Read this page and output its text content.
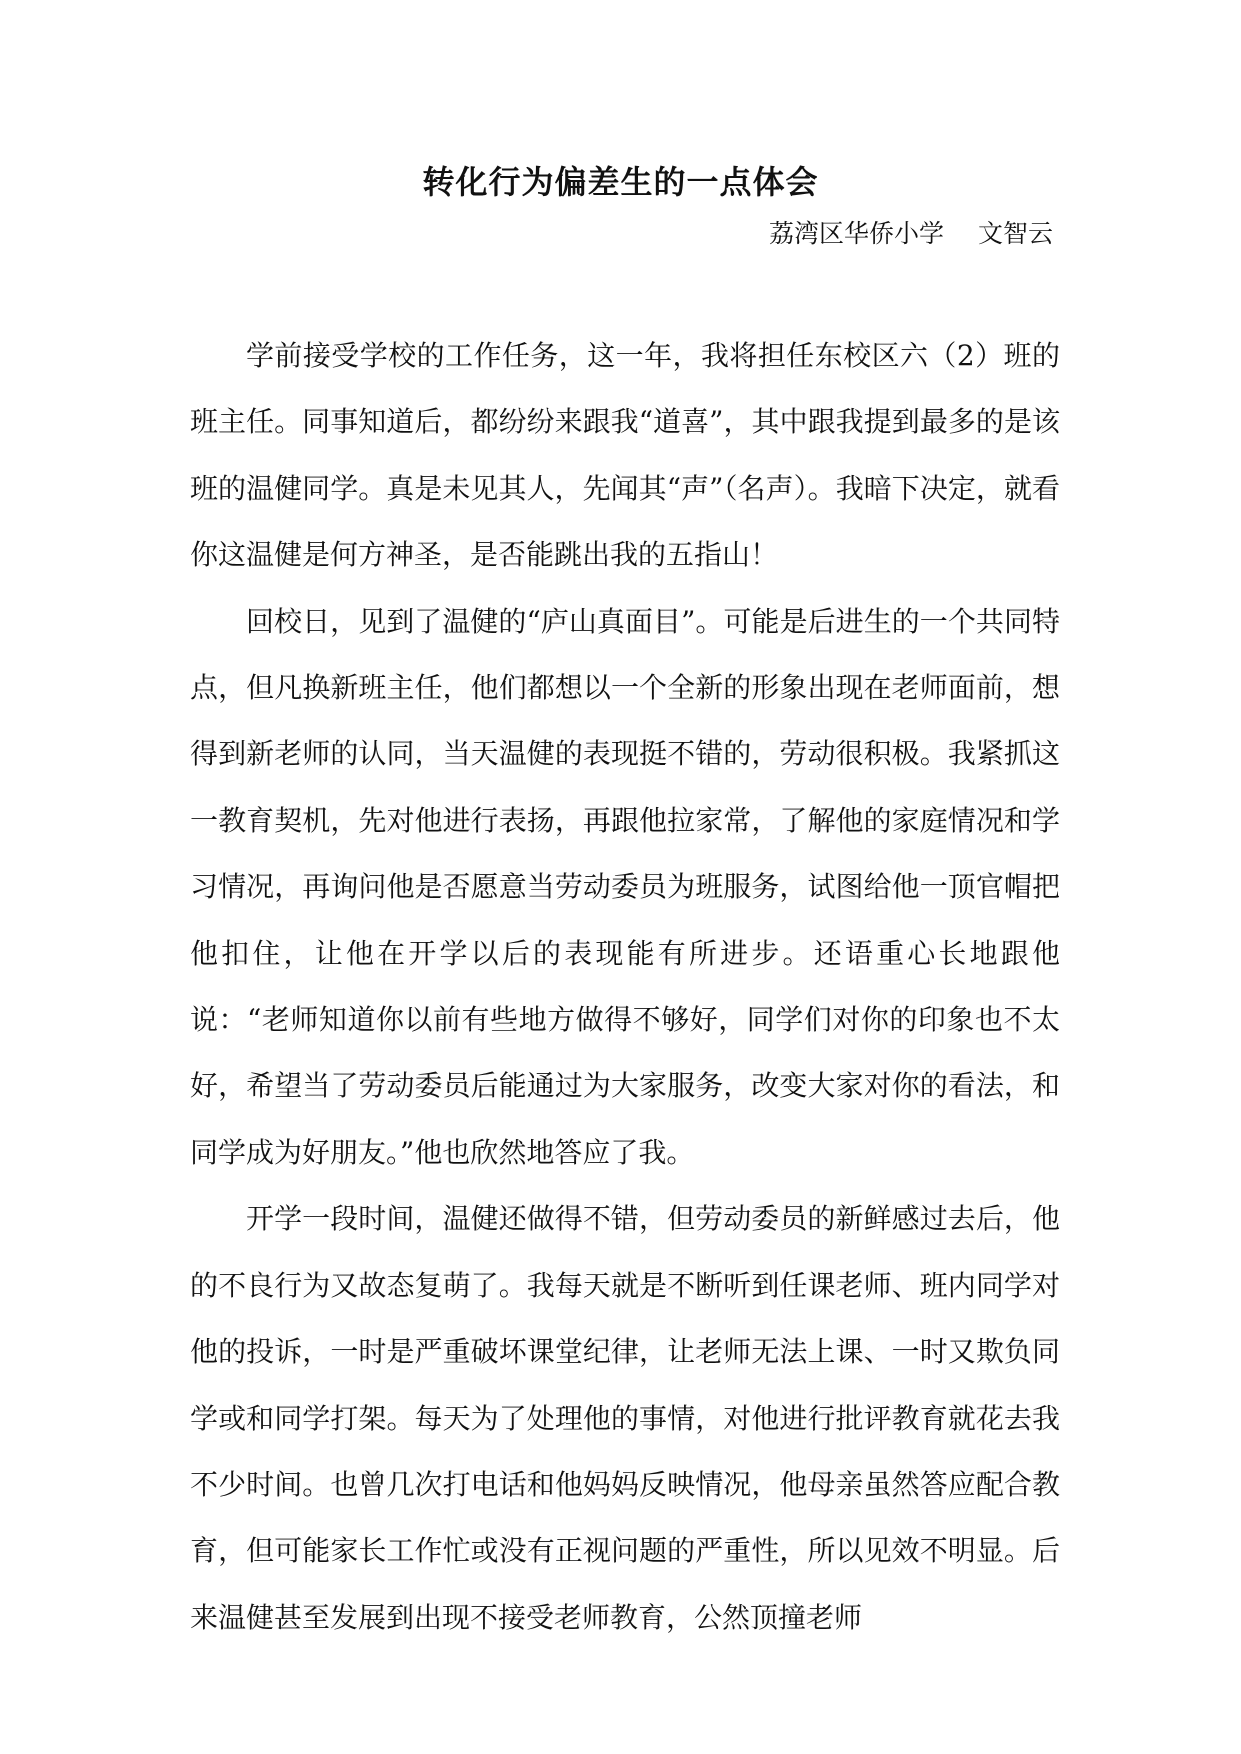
转化行为偏差生的一点体会
荔湾区华侨小学 文智云

学前接受学校的工作任务，这一年，我将担任东校区六（2）班的班主任。同事知道后，都纷纷来跟我“道喜”，其中跟我提到最多的是该班的温健同学。真是未见其人，先闻其“声”（名声）。我暗下决定，就看你这温健是何方神圣，是否能跳出我的五指山！

回校日，见到了温健的“庐山真面目”。可能是后进生的一个共同特点，但凡换新班主任，他们都想以一个全新的形象出现在老师面前，想得到新老师的认同，当天温健的表现挺不错的，劳动很积极。我紧抓这一教育契机，先对他进行表扬，再跟他拉家常，了解他的家庭情况和学习情况，再询问他是否愿意当劳动委员为班服务，试图给他一顶官帽把他扣住，让他在开学以后的表现能有所进步。还语重心长地跟他说：“老师知道你以前有些地方做得不够好，同学们对你的印象也不太好，希望当了劳动委员后能通过为大家服务，改变大家对你的看法，和同学成为好朋友。”他也欣然地答应了我。

开学一段时间，温健还做得不错，但劳动委员的新鲜感过去后，他的不良行为又故态复萌了。我每天就是不断听到任课老师、班内同学对他的投诉，一时是严重破坏课堂纪律，让老师无法上课、一时又欺负同学或和同学打架。每天为了处理他的事情，对他进行批评教育就花去我不少时间。也曾几次打电话和他妈妈反映情况，他母亲虽然答应配合教育，但可能家长工作忙或没有正视问题的严重性，所以见效不明显。后来温健甚至发展到出现不接受老师教育，公然顶撞老师
